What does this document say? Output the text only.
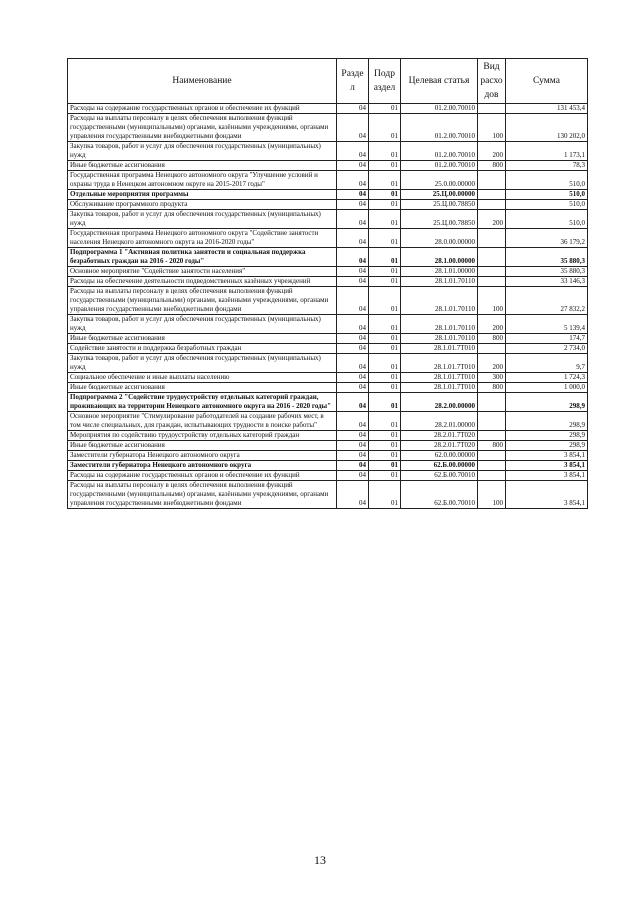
Наименование	Разде л	Подр аздел	Целевая статья	Вид расхо дов	Сумма
Расходы на содержание государственных органов и обеспечение их функций	04	01	01.2.00.70010		131 453,4
Расходы на выплаты персоналу в целях обеспечения выполнения функций государственными (муниципальными) органами, казёнными учреждениями, органами управления государственными внебюджетными фондами	04	01	01.2.00.70010	100	130 202,0
Закупка товаров, работ и услуг для обеспечения государственных (муниципальных) нужд	04	01	01.2.00.70010	200	1 173,1
Иные бюджетные ассигнования	04	01	01.2.00.70010	800	78,3
Государственная программа Ненецкого автономного округа "Улучшение условий и охраны труда в Ненецком автономном округе на 2015-2017 годы"	04	01	25.0.00.00000		510,0
Отдельные мероприятия программы	04	01	25.Ц.00.00000		510,0
Обслуживание программного продукта	04	01	25.Ц.00.78850		510,0
Закупка товаров, работ и услуг для обеспечения государственных (муниципальных) нужд	04	01	25.Ц.00.78850	200	510,0
Государственная программа Ненецкого автономного округа "Содействие занятости населения Ненецкого автономного округа на 2016-2020 годы"	04	01	28.0.00.00000		36 179,2
Подпрограмма 1 "Активная политика занятости и социальная поддержка безработных граждан на 2016 - 2020 годы"	04	01	28.1.00.00000		35 880,3
Основное мероприятие "Содействие занятости населения"	04	01	28.1.01.00000		35 880,3
Расходы на обеспечение деятельности подведомственных казённых учреждений	04	01	28.1.01.70110		33 146,3
Расходы на выплаты персоналу в целях обеспечения выполнения функций государственными (муниципальными) органами, казёнными учреждениями, органами управления государственными внебюджетными фондами	04	01	28.1.01.70110	100	27 832,2
Закупка товаров, работ и услуг для обеспечения государственных (муниципальных) нужд	04	01	28.1.01.70110	200	5 139,4
Иные бюджетные ассигнования	04	01	28.1.01.70110	800	174,7
Содействие занятости и поддержка безработных граждан	04	01	28.1.01.7Т010		2 734,0
Закупка товаров, работ и услуг для обеспечения государственных (муниципальных) нужд	04	01	28.1.01.7Т010	200	9,7
Социальное обеспечение и иные выплаты населению	04	01	28.1.01.7Т010	300	1 724,3
Иные бюджетные ассигнования	04	01	28.1.01.7Т010	800	1 000,0
Подпрограмма 2 "Содействие трудоустройству отдельных категорий граждан, проживающих на территории Ненецкого автономного округа на 2016 - 2020 годы"	04	01	28.2.00.00000		298,9
Основное мероприятие "Стимулирование работодателей на создание рабочих мест, в том числе специальных, для граждан, испытывающих трудности в поиске работы"	04	01	28.2.01.00000		298,9
Мероприятия по содействию трудоустройству отдельных категорий граждан	04	01	28.2.01.7Т020		298,9
Иные бюджетные ассигнования	04	01	28.2.01.7Т020	800	298,9
Заместители губернатора Ненецкого автономного округа	04	01	62.0.00.00000		3 854,1
Заместители губернатора Ненецкого автономного округа	04	01	62.Б.00.00000		3 854,1
Расходы на содержание государственных органов и обеспечение их функций	04	01	62.Б.00.70010		3 854,1
Расходы на выплаты персоналу в целях обеспечения выполнения функций государственными (муниципальными) органами, казёнными учреждениями, органами управления государственными внебюджетными фондами	04	01	62.Б.00.70010	100	3 854,1
13
